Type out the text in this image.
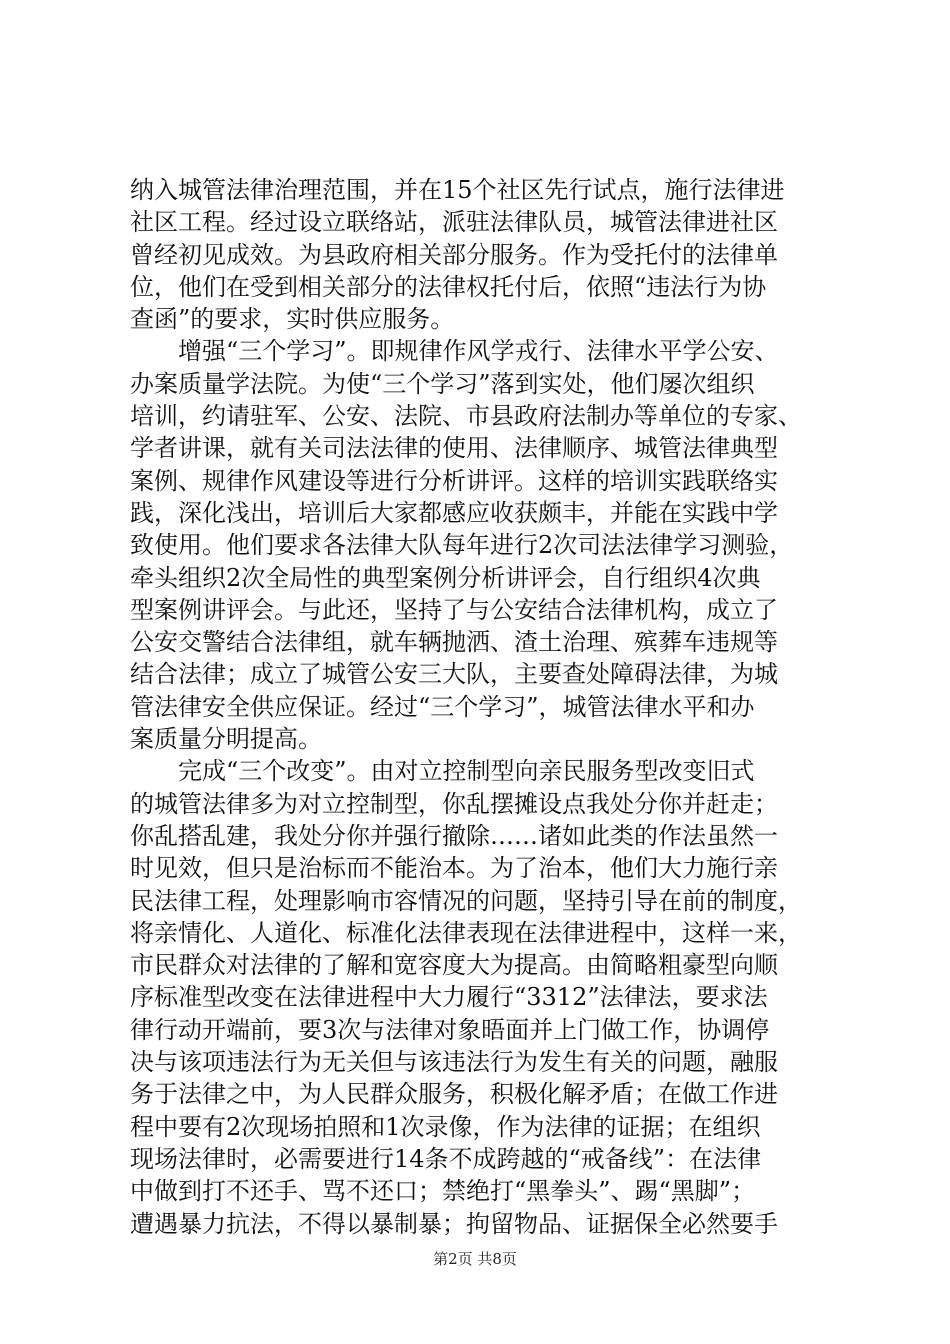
纳入城管法律治理范围，并在15个社区先行试点，施行法律进
社区工程。经过设立联络站，派驻法律队员，城管法律进社区
曾经初见成效。为县政府相关部分服务。作为受托付的法律单
位，他们在受到相关部分的法律权托付后，依照“违法行为协
查函”的要求，实时供应服务。
　　增强“三个学习”。即规律作风学戎行、法律水平学公安、
办案质量学法院。为使“三个学习”落到实处，他们屡次组织
培训，约请驻军、公安、法院、市县政府法制办等单位的专家、
学者讲课，就有关司法法律的使用、法律顺序、城管法律典型
案例、规律作风建设等进行分析讲评。这样的培训实践联络实
践，深化浅出，培训后大家都感应收获颇丰，并能在实践中学
致使用。他们要求各法律大队每年进行2次司法法律学习测验，
牵头组织2次全局性的典型案例分析讲评会，自行组织4次典
型案例讲评会。与此还，坚持了与公安结合法律机构，成立了
公安交警结合法律组，就车辆抛洒、渣土治理、殡葬车违规等
结合法律；成立了城管公安三大队，主要查处障碍法律，为城
管法律安全供应保证。经过“三个学习”，城管法律水平和办
案质量分明提高。
　　完成“三个改变”。由对立控制型向亲民服务型改变旧式
的城管法律多为对立控制型，你乱摆摊设点我处分你并赶走；
你乱搭乱建，我处分你并强行撤除……诸如此类的作法虽然一
时见效，但只是治标而不能治本。为了治本，他们大力施行亲
民法律工程，处理影响市容情况的问题，坚持引导在前的制度，
将亲情化、人道化、标准化法律表现在法律进程中，这样一来，
市民群众对法律的了解和宽容度大为提高。由简略粗豪型向顺
序标准型改变在法律进程中大力履行“3312”法律法，要求法
律行动开端前，要3次与法律对象晤面并上门做工作，协调停
决与该项违法行为无关但与该违法行为发生有关的问题，融服
务于法律之中，为人民群众服务，积极化解矛盾；在做工作进
程中要有2次现场拍照和1次录像，作为法律的证据；在组织
现场法律时，必需要进行14条不成跨越的“戒备线”：在法律
中做到打不还手、骂不还口；禁绝打“黑拳头”、踢“黑脚”；
遭遇暴力抗法，不得以暴制暴；拘留物品、证据保全必然要手
第2页 共8页
